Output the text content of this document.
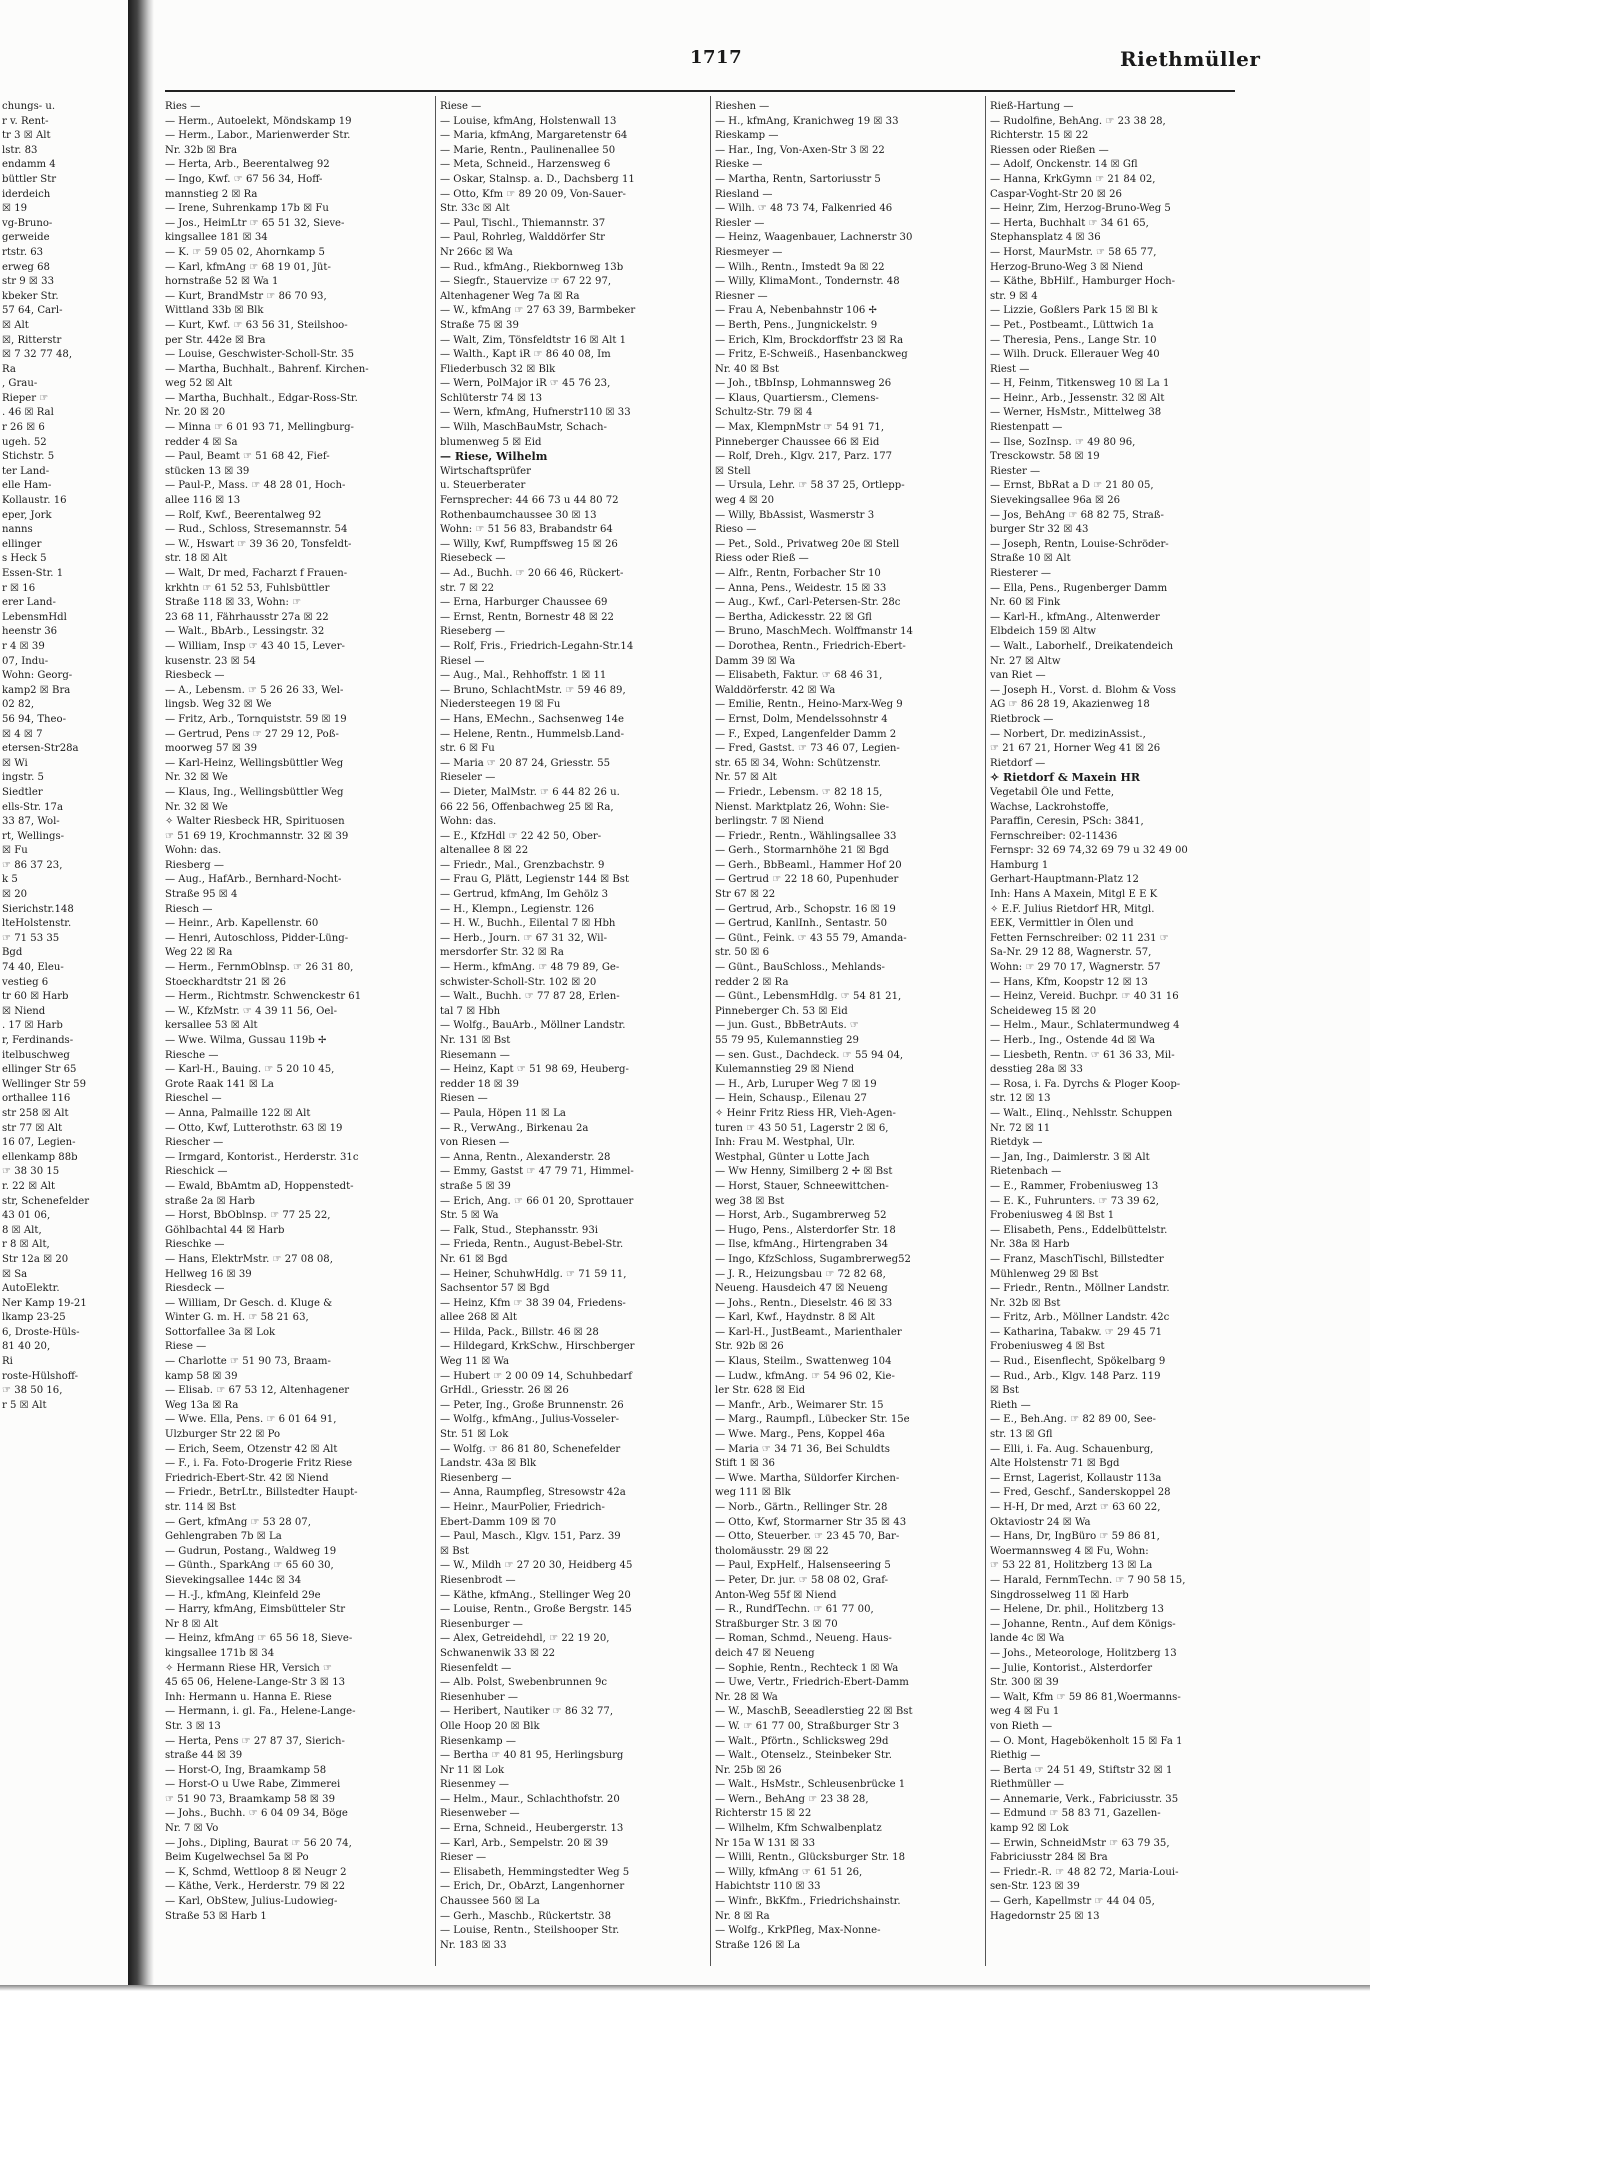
1717	Riethmüller
chungs- u.
r v. Rent-
tr 3 ☒ Alt
lstr. 83
endamm 4
büttler Str
iderdeich
☒ 19
vg-Bruno-
gerweide
rtstr. 63
erweg 68
str 9 ☒ 33
kbeker Str.
57 64, Carl-
☒ Alt
☒, Ritterstr
☒ 7 32 77 48,
Ra
, Grau-
Rieper ☞
. 46 ☒ Ral
r 26 ☒ 6
ugeh. 52
Stichstr. 5
ter Land-
elle Ham-
Kollaustr. 16
eper, Jork
nanns
ellinger
s Heck 5
Essen-Str. 1
r ☒ 16
erer Land-
LebensmHdl
heenstr 36
r 4 ☒ 39
07, Indu-
Wohn: Georg-
kamp2 ☒ Bra
02 82,
56 94, Theo-
☒ 4 ☒ 7
etersen-Str28a
☒ Wi
ingstr. 5
Siedtler
ells-Str. 17a
33 87, Wol-
rt, Wellings-
☒ Fu
☞ 86 37 23,
k 5
☒ 20
Sierichstr.148
lteHolstenstr.
☞ 71 53 35
Bgd
74 40, Eleu-
vestieg 6
tr 60 ☒ Harb
☒ Niend
. 17 ☒ Harb
r, Ferdinands-
itelbuschweg
ellinger Str 65
Wellinger Str 59
orthallee 116
str 258 ☒ Alt
str 77 ☒ Alt
16 07, Legien-
ellenkamp 88b
☞ 38 30 15
r. 22 ☒ Alt
str, Schenefelder
43 01 06,
8 ☒ Alt,
r 8 ☒ Alt,
Str 12a ☒ 20
☒ Sa
AutoElektr.
Ner Kamp 19-21
lkamp 23-25
6, Droste-Hüls-
81 40 20,
Ri
roste-Hülshoff-
☞ 38 50 16,
r 5 ☒ Alt
Ries —
— Herm., Autoelekt, Möndskamp 19
— Herm., Labor., Marienwerder Str.
Nr. 32b ☒ Bra
— Herta, Arb., Beerentalweg 92
— Ingo, Kwf. ☞ 67 56 34, Hoff-
mannstieg 2 ☒ Ra
— Irene, Suhrenkamp 17b ☒ Fu
— Jos., HeimLtr ☞ 65 51 32, Sieve-
kingsallee 181 ☒ 34
— K. ☞ 59 05 02, Ahornkamp 5
— Karl, kfmAng ☞ 68 19 01, Jüt-
hornstraße 52 ☒ Wa 1
— Kurt, BrandMstr ☞ 86 70 93,
Wittland 33b ☒ Blk
— Kurt, Kwf. ☞ 63 56 31, Steilshoo-
per Str. 442e ☒ Bra
— Louise, Geschwister-Scholl-Str. 35
— Martha, Buchhalt., Bahrenf. Kirchen-
weg 52 ☒ Alt
— Martha, Buchhalt., Edgar-Ross-Str.
Nr. 20 ☒ 20
— Minna ☞ 6 01 93 71, Mellingburg-
redder 4 ☒ Sa
— Paul, Beamt ☞ 51 68 42, Fief-
stücken 13 ☒ 39
— Paul-P., Mass. ☞ 48 28 01, Hoch-
allee 116 ☒ 13
— Rolf, Kwf., Beerentalweg 92
— Rud., Schloss, Stresemannstr. 54
— W., Hswart ☞ 39 36 20, Tonsfeldt-
str. 18 ☒ Alt
— Walt, Dr med, Facharzt f Frauen-
krkhtn ☞ 61 52 53, Fuhlsbüttler
Straße 118 ☒ 33, Wohn: ☞
23 68 11, Fährhausstr 27a ☒ 22
— Walt., BbArb., Lessingstr. 32
— William, Insp ☞ 43 40 15, Lever-
kusenstr. 23 ☒ 54
Riesbeck —
— A., Lebensm. ☞ 5 26 26 33, Wel-
lingsb. Weg 32 ☒ We
— Fritz, Arb., Tornquiststr. 59 ☒ 19
— Gertrud, Pens ☞ 27 29 12, Poß-
moorweg 57 ☒ 39
— Karl-Heinz, Wellingsbüttler Weg
Nr. 32 ☒ We
— Klaus, Ing., Wellingsbüttler Weg
Nr. 32 ☒ We
✧ Walter Riesbeck HR, Spirituosen
☞ 51 69 19, Krochmannstr. 32 ☒ 39
Wohn: das.
Riesberg —
— Aug., HafArb., Bernhard-Nocht-
Straße 95 ☒ 4
Riesch —
— Heinr., Arb. Kapellenstr. 60
— Henri, Autoschloss, Pidder-Lüng-
Weg 22 ☒ Ra
— Herm., FernmOblnsp. ☞ 26 31 80,
Stoeckhardtstr 21 ☒ 26
— Herm., Richtmstr. Schwenckestr 61
— W., KfzMstr. ☞ 4 39 11 56, Oel-
kersallee 53 ☒ Alt
— Wwe. Wilma, Gussau 119b ✢
Riesche —
— Karl-H., Bauing. ☞ 5 20 10 45,
Grote Raak 141 ☒ La
Rieschel —
— Anna, Palmaille 122 ☒ Alt
— Otto, Kwf, Lutterothstr. 63 ☒ 19
Riescher —
— Irmgard, Kontorist., Herderstr. 31c
Rieschick —
— Ewald, BbAmtm aD, Hoppenstedt-
straße 2a ☒ Harb
— Horst, BbOblnsp. ☞ 77 25 22,
Göhlbachtal 44 ☒ Harb
Rieschke —
— Hans, ElektrMstr. ☞ 27 08 08,
Hellweg 16 ☒ 39
Riesdeck —
— William, Dr Gesch. d. Kluge &
Winter G. m. H. ☞ 58 21 63,
Sottorfallee 3a ☒ Lok
Riese —
— Charlotte ☞ 51 90 73, Braam-
kamp 58 ☒ 39
— Elisab. ☞ 67 53 12, Altenhagener
Weg 13a ☒ Ra
— Wwe. Ella, Pens. ☞ 6 01 64 91,
Ulzburger Str 22 ☒ Po
— Erich, Seem, Otzenstr 42 ☒ Alt
— F., i. Fa. Foto-Drogerie Fritz Riese
Friedrich-Ebert-Str. 42 ☒ Niend
— Friedr., BetrLtr., Billstedter Haupt-
str. 114 ☒ Bst
— Gert, kfmAng ☞ 53 28 07,
Gehlengraben 7b ☒ La
— Gudrun, Postang., Waldweg 19
— Günth., SparkAng ☞ 65 60 30,
Sievekingsallee 144c ☒ 34
— H.-J., kfmAng, Kleinfeld 29e
— Harry, kfmAng, Eimsbütteler Str
Nr 8 ☒ Alt
— Heinz, kfmAng ☞ 65 56 18, Sieve-
kingsallee 171b ☒ 34
✧ Hermann Riese HR, Versich ☞
45 65 06, Helene-Lange-Str 3 ☒ 13
Inh: Hermann u. Hanna E. Riese
— Hermann, i. gl. Fa., Helene-Lange-
Str. 3 ☒ 13
— Herta, Pens ☞ 27 87 37, Sierich-
straße 44 ☒ 39
— Horst-O, Ing, Braamkamp 58
— Horst-O u Uwe Rabe, Zimmerei
☞ 51 90 73, Braamkamp 58 ☒ 39
— Johs., Buchh. ☞ 6 04 09 34, Böge
Nr. 7 ☒ Vo
— Johs., Dipling, Baurat ☞ 56 20 74,
Beim Kugelwechsel 5a ☒ Po
— K, Schmd, Wettloop 8 ☒ Neugr 2
— Käthe, Verk., Herderstr. 79 ☒ 22
— Karl, ObStew, Julius-Ludowieg-
Straße 53 ☒ Harb 1
Riese —
— Louise, kfmAng, Holstenwall 13
— Maria, kfmAng, Margaretenstr 64
— Marie, Rentn., Paulinenallee 50
— Meta, Schneid., Harzensweg 6
— Oskar, Stalnsp. a. D., Dachsberg 11
— Otto, Kfm ☞ 89 20 09, Von-Sauer-
Str. 33c ☒ Alt
— Paul, Tischl., Thiemannstr. 37
— Paul, Rohrleg, Walddörfer Str
Nr 266c ☒ Wa
— Rud., kfmAng., Riekbornweg 13b
— Siegfr., Stauervize ☞ 67 22 97,
Altenhagener Weg 7a ☒ Ra
— W., kfmAng ☞ 27 63 39, Barmbeker
Straße 75 ☒ 39
— Walt, Zim, Tönsfeldtstr 16 ☒ Alt 1
— Walth., Kapt iR ☞ 86 40 08, Im
Fliederbusch 32 ☒ Blk
— Wern, PolMajor iR ☞ 45 76 23,
Schlüterstr 74 ☒ 13
— Wern, kfmAng, Hufnerstr110 ☒ 33
— Wilh, MaschBauMstr, Schach-
blumenweg 5 ☒ Eid
— Riese, Wilhelm
Wirtschaftsprüfer
u. Steuerberater
Fernsprecher: 44 66 73 u 44 80 72
Rothenbaumchaussee 30 ☒ 13
Wohn: ☞ 51 56 83, Brabandstr 64
— Willy, Kwf, Rumpffsweg 15 ☒ 26
Riesebeck —
— Ad., Buchh. ☞ 20 66 46, Rückert-
str. 7 ☒ 22
— Erna, Harburger Chaussee 69
— Ernst, Rentn, Bornestr 48 ☒ 22
Rieseberg —
— Rolf, Fris., Friedrich-Legahn-Str.14
Riesel —
— Aug., Mal., Rehhoffstr. 1 ☒ 11
— Bruno, SchlachtMstr. ☞ 59 46 89,
Niedersteegen 19 ☒ Fu
— Hans, EMechn., Sachsenweg 14e
— Helene, Rentn., Hummelsb.Land-
str. 6 ☒ Fu
— Maria ☞ 20 87 24, Griesstr. 55
Rieseler —
— Dieter, MalMstr. ☞ 6 44 82 26 u.
66 22 56, Offenbachweg 25 ☒ Ra,
Wohn: das.
— E., KfzHdl ☞ 22 42 50, Ober-
altenallee 8 ☒ 22
— Friedr., Mal., Grenzbachstr. 9
— Frau G, Plätt, Legienstr 144 ☒ Bst
— Gertrud, kfmAng, Im Gehölz 3
— H., Klempn., Legienstr. 126
— H. W., Buchh., Eilental 7 ☒ Hbh
— Herb., Journ. ☞ 67 31 32, Wil-
mersdorfer Str. 32 ☒ Ra
— Herm., kfmAng. ☞ 48 79 89, Ge-
schwister-Scholl-Str. 102 ☒ 20
— Walt., Buchh. ☞ 77 87 28, Erlen-
tal 7 ☒ Hbh
— Wolfg., BauArb., Möllner Landstr.
Nr. 131 ☒ Bst
Riesemann —
— Heinz, Kapt ☞ 51 98 69, Heuberg-
redder 18 ☒ 39
Riesen —
— Paula, Höpen 11 ☒ La
— R., VerwAng., Birkenau 2a
von Riesen —
— Anna, Rentn., Alexanderstr. 28
— Emmy, Gastst ☞ 47 79 71, Himmel-
straße 5 ☒ 39
— Erich, Ang. ☞ 66 01 20, Sprottauer
Str. 5 ☒ Wa
— Falk, Stud., Stephansstr. 93i
— Frieda, Rentn., August-Bebel-Str.
Nr. 61 ☒ Bgd
— Heiner, SchuhwHdlg. ☞ 71 59 11,
Sachsentor 57 ☒ Bgd
— Heinz, Kfm ☞ 38 39 04, Friedens-
allee 268 ☒ Alt
— Hilda, Pack., Billstr. 46 ☒ 28
— Hildegard, KrkSchw., Hirschberger
Weg 11 ☒ Wa
— Hubert ☞ 2 00 09 14, Schuhbedarf
GrHdl., Griesstr. 26 ☒ 26
— Peter, Ing., Große Brunnenstr. 26
— Wolfg., kfmAng., Julius-Vosseler-
Str. 51 ☒ Lok
— Wolfg. ☞ 86 81 80, Schenefelder
Landstr. 43a ☒ Blk
Riesenberg —
— Anna, Raumpfleg, Stresowstr 42a
— Heinr., MaurPolier, Friedrich-
Ebert-Damm 109 ☒ 70
— Paul, Masch., Klgv. 151, Parz. 39
☒ Bst
— W., Mildh ☞ 27 20 30, Heidberg 45
Riesenbrodt —
— Käthe, kfmAng., Stellinger Weg 20
— Louise, Rentn., Große Bergstr. 145
Riesenburger —
— Alex, Getreidehdl, ☞ 22 19 20,
Schwanenwik 33 ☒ 22
Riesenfeldt —
— Alb. Polst, Swebenbrunnen 9c
Riesenhuber —
— Heribert, Nautiker ☞ 86 32 77,
Olle Hoop 20 ☒ Blk
Riesenkamp —
— Bertha ☞ 40 81 95, Herlingsburg
Nr 11 ☒ Lok
Riesenmey —
— Helm., Maur., Schlachthofstr. 20
Riesenweber —
— Erna, Schneid., Heubergerstr. 13
— Karl, Arb., Sempelstr. 20 ☒ 39
Rieser —
— Elisabeth, Hemmingstedter Weg 5
— Erich, Dr., ObArzt, Langenhorner
Chaussee 560 ☒ La
— Gerh., Maschb., Rückertstr. 38
— Louise, Rentn., Steilshooper Str.
Nr. 183 ☒ 33
Rieshen —
— H., kfmAng, Kranichweg 19 ☒ 33
Rieskamp —
— Har., Ing, Von-Axen-Str 3 ☒ 22
Rieske —
— Martha, Rentn, Sartoriusstr 5
Riesland —
— Wilh. ☞ 48 73 74, Falkenried 46
Riesler —
— Heinz, Waagenbauer, Lachnerstr 30
Riesmeyer —
— Wilh., Rentn., Imstedt 9a ☒ 22
— Willy, KlimaMont., Tondernstr. 48
Riesner —
— Frau A, Nebenbahnstr 106 ✢
— Berth, Pens., Jungnickelstr. 9
— Erich, Klm, Brockdorffstr 23 ☒ Ra
— Fritz, E-Schweiß., Hasenbanckweg
Nr. 40 ☒ Bst
— Joh., tBbInsp, Lohmannsweg 26
— Klaus, Quartiersm., Clemens-
Schultz-Str. 79 ☒ 4
— Max, KlempnMstr ☞ 54 91 71,
Pinneberger Chaussee 66 ☒ Eid
— Rolf, Dreh., Klgv. 217, Parz. 177
☒ Stell
— Ursula, Lehr. ☞ 58 37 25, Ortlepp-
weg 4 ☒ 20
— Willy, BbAssist, Wasmerstr 3
Rieso —
— Pet., Sold., Privatweg 20e ☒ Stell
Riess oder Rieß —
— Alfr., Rentn, Forbacher Str 10
— Anna, Pens., Weidestr. 15 ☒ 33
— Aug., Kwf., Carl-Petersen-Str. 28c
— Bertha, Adickesstr. 22 ☒ Gfl
— Bruno, MaschMech. Wolffmanstr 14
— Dorothea, Rentn., Friedrich-Ebert-
Damm 39 ☒ Wa
— Elisabeth, Faktur. ☞ 68 46 31,
Walddörferstr. 42 ☒ Wa
— Emilie, Rentn., Heino-Marx-Weg 9
— Ernst, Dolm, Mendelssohnstr 4
— F., Exped, Langenfelder Damm 2
— Fred, Gastst. ☞ 73 46 07, Legien-
str. 65 ☒ 34, Wohn: Schützenstr.
Nr. 57 ☒ Alt
— Friedr., Lebensm. ☞ 82 18 15,
Nienst. Marktplatz 26, Wohn: Sie-
berlingstr. 7 ☒ Niend
— Friedr., Rentn., Wählingsallee 33
— Gerh., Stormarnhöhe 21 ☒ Bgd
— Gerh., BbBeaml., Hammer Hof 20
— Gertrud ☞ 22 18 60, Pupenhuder
Str 67 ☒ 22
— Gertrud, Arb., Schopstr. 16 ☒ 19
— Gertrud, KanlInh., Sentastr. 50
— Günt., Feink. ☞ 43 55 79, Amanda-
str. 50 ☒ 6
— Günt., BauSchloss., Mehlands-
redder 2 ☒ Ra
— Günt., LebensmHdlg. ☞ 54 81 21,
Pinneberger Ch. 53 ☒ Eid
— jun. Gust., BbBetrAuts. ☞
55 79 95, Kulemannstieg 29
— sen. Gust., Dachdeck. ☞ 55 94 04,
Kulemannstieg 29 ☒ Niend
— H., Arb, Luruper Weg 7 ☒ 19
— Hein, Schausp., Eilenau 27
✧ Heinr Fritz Riess HR, Vieh-Agen-
turen ☞ 43 50 51, Lagerstr 2 ☒ 6,
Inh: Frau M. Westphal, Ulr.
Westphal, Günter u Lotte Jach
— Ww Henny, Similberg 2 ✢ ☒ Bst
— Horst, Stauer, Schneewittchen-
weg 38 ☒ Bst
— Horst, Arb., Sugambrerweg 52
— Hugo, Pens., Alsterdorfer Str. 18
— Ilse, kfmAng., Hirtengraben 34
— Ingo, KfzSchloss, Sugambrerweg52
— J. R., Heizungsbau ☞ 72 82 68,
Neueng. Hausdeich 47 ☒ Neueng
— Johs., Rentn., Dieselstr. 46 ☒ 33
— Karl, Kwf., Haydnstr. 8 ☒ Alt
— Karl-H., JustBeamt., Marienthaler
Str. 92b ☒ 26
— Klaus, Steilm., Swattenweg 104
— Ludw., kfmAng. ☞ 54 96 02, Kie-
ler Str. 628 ☒ Eid
— Manfr., Arb., Weimarer Str. 15
— Marg., Raumpfl., Lübecker Str. 15e
— Wwe. Marg., Pens, Koppel 46a
— Maria ☞ 34 71 36, Bei Schuldts
Stift 1 ☒ 36
— Wwe. Martha, Süldorfer Kirchen-
weg 111 ☒ Blk
— Norb., Gärtn., Rellinger Str. 28
— Otto, Kwf, Stormarner Str 35 ☒ 43
— Otto, Steuerber. ☞ 23 45 70, Bar-
tholomäusstr. 29 ☒ 22
— Paul, ExpHelf., Halsenseering 5
— Peter, Dr. jur. ☞ 58 08 02, Graf-
Anton-Weg 55f ☒ Niend
— R., RundfTechn. ☞ 61 77 00,
Straßburger Str. 3 ☒ 70
— Roman, Schmd., Neueng. Haus-
deich 47 ☒ Neueng
— Sophie, Rentn., Rechteck 1 ☒ Wa
— Uwe, Vertr., Friedrich-Ebert-Damm
Nr. 28 ☒ Wa
— W., MaschB, Seeadlerstieg 22 ☒ Bst
— W. ☞ 61 77 00, Straßburger Str 3
— Walt., Pförtn., Schlicksweg 29d
— Walt., Otenselz., Steinbeker Str.
Nr. 25b ☒ 26
— Walt., HsMstr., Schleusenbrücke 1
— Wern., BehAng ☞ 23 38 28,
Richterstr 15 ☒ 22
— Wilhelm, Kfm Schwalbenplatz
Nr 15a W 131 ☒ 33
— Willi, Rentn., Glücksburger Str. 18
— Willy, kfmAng ☞ 61 51 26,
Habichtstr 110 ☒ 33
— Winfr., BkKfm., Friedrichshainstr.
Nr. 8 ☒ Ra
— Wolfg., KrkPfleg, Max-Nonne-
Straße 126 ☒ La
Rieß-Hartung —
— Rudolfine, BehAng. ☞ 23 38 28,
Richterstr. 15 ☒ 22
Riessen oder Rießen —
— Adolf, Onckenstr. 14 ☒ Gfl
— Hanna, KrkGymn ☞ 21 84 02,
Caspar-Voght-Str 20 ☒ 26
— Heinr, Zim, Herzog-Bruno-Weg 5
— Herta, Buchhalt ☞ 34 61 65,
Stephansplatz 4 ☒ 36
— Horst, MaurMstr. ☞ 58 65 77,
Herzog-Bruno-Weg 3 ☒ Niend
— Käthe, BbHilf., Hamburger Hoch-
str. 9 ☒ 4
— Lizzie, Goßlers Park 15 ☒ Bl k
— Pet., Postbeamt., Lüttwich 1a
— Theresia, Pens., Lange Str. 10
— Wilh. Druck. Ellerauer Weg 40
Riest —
— H, Feinm, Titkensweg 10 ☒ La 1
— Heinr., Arb., Jessenstr. 32 ☒ Alt
— Werner, HsMstr., Mittelweg 38
Riestenpatt —
— Ilse, SozInsp. ☞ 49 80 96,
Tresckowstr. 58 ☒ 19
Riester —
— Ernst, BbRat a D ☞ 21 80 05,
Sievekingsallee 96a ☒ 26
— Jos, BehAng ☞ 68 82 75, Straß-
burger Str 32 ☒ 43
— Joseph, Rentn, Louise-Schröder-
Straße 10 ☒ Alt
Riesterer —
— Ella, Pens., Rugenberger Damm
Nr. 60 ☒ Fink
— Karl-H., kfmAng., Altenwerder
Elbdeich 159 ☒ Altw
— Walt., Laborhelf., Dreikatendeich
Nr. 27 ☒ Altw
van Riet —
— Joseph H., Vorst. d. Blohm & Voss
AG ☞ 86 28 19, Akazienweg 18
Rietbrock —
— Norbert, Dr. medizinAssist.,
☞ 21 67 21, Horner Weg 41 ☒ 26
Rietdorf —
✧ Rietdorf & Maxein HR
Vegetabil Öle und Fette,
Wachse, Lackrohstoffe,
Paraffin, Ceresin, PSch: 3841,
Fernschreiber: 02-11436
Fernspr: 32 69 74,32 69 79 u 32 49 00
Hamburg 1
Gerhart-Hauptmann-Platz 12
Inh: Hans A Maxein, Mitgl E E K
✧ E.F. Julius Rietdorf HR, Mitgl.
EEK, Vermittler in Ölen und
Fetten Fernschreiber: 02 11 231 ☞
Sa-Nr. 29 12 88, Wagnerstr. 57,
Wohn: ☞ 29 70 17, Wagnerstr. 57
— Hans, Kfm, Koopstr 12 ☒ 13
— Heinz, Vereid. Buchpr. ☞ 40 31 16
Scheideweg 15 ☒ 20
— Helm., Maur., Schlatermundweg 4
— Herb., Ing., Ostende 4d ☒ Wa
— Liesbeth, Rentn. ☞ 61 36 33, Mil-
desstieg 28a ☒ 33
— Rosa, i. Fa. Dyrchs & Ploger Koop-
str. 12 ☒ 13
— Walt., Elinq., Nehlsstr. Schuppen
Nr. 72 ☒ 11
Rietdyk —
— Jan, Ing., Daimlerstr. 3 ☒ Alt
Rietenbach —
— E., Rammer, Frobeniusweg 13
— E. K., Fuhrunters. ☞ 73 39 62,
Frobeniusweg 4 ☒ Bst 1
— Elisabeth, Pens., Eddelbüttelstr.
Nr. 38a ☒ Harb
— Franz, MaschTischl, Billstedter
Mühlenweg 29 ☒ Bst
— Friedr., Rentn., Möllner Landstr.
Nr. 32b ☒ Bst
— Fritz, Arb., Möllner Landstr. 42c
— Katharina, Tabakw. ☞ 29 45 71
Frobeniusweg 4 ☒ Bst
— Rud., Eisenflecht, Spökelbarg 9
— Rud., Arb., Klgv. 148 Parz. 119
☒ Bst
Rieth —
— E., Beh.Ang. ☞ 82 89 00, See-
str. 13 ☒ Gfl
— Elli, i. Fa. Aug. Schauenburg,
Alte Holstenstr 71 ☒ Bgd
— Ernst, Lagerist, Kollaustr 113a
— Fred, Geschf., Sanderskoppel 28
— H-H, Dr med, Arzt ☞ 63 60 22,
Oktaviostr 24 ☒ Wa
— Hans, Dr, IngBüro ☞ 59 86 81,
Woermannsweg 4 ☒ Fu, Wohn:
☞ 53 22 81, Holitzberg 13 ☒ La
— Harald, FernmTechn. ☞ 7 90 58 15,
Singdrosselweg 11 ☒ Harb
— Helene, Dr. phil., Holitzberg 13
— Johanne, Rentn., Auf dem Königs-
lande 4c ☒ Wa
— Johs., Meteorologe, Holitzberg 13
— Julie, Kontorist., Alsterdorfer
Str. 300 ☒ 39
— Walt, Kfm ☞ 59 86 81,Woermanns-
weg 4 ☒ Fu 1
von Rieth —
— O. Mont, Hagebökenholt 15 ☒ Fa 1
Riethig —
— Berta ☞ 24 51 49, Stiftstr 32 ☒ 1
Riethmüller —
— Annemarie, Verk., Fabriciusstr. 35
— Edmund ☞ 58 83 71, Gazellen-
kamp 92 ☒ Lok
— Erwin, SchneidMstr ☞ 63 79 35,
Fabriciusstr 284 ☒ Bra
— Friedr.-R. ☞ 48 82 72, Maria-Loui-
sen-Str. 123 ☒ 39
— Gerh, Kapellmstr ☞ 44 04 05,
Hagedornstr 25 ☒ 13
